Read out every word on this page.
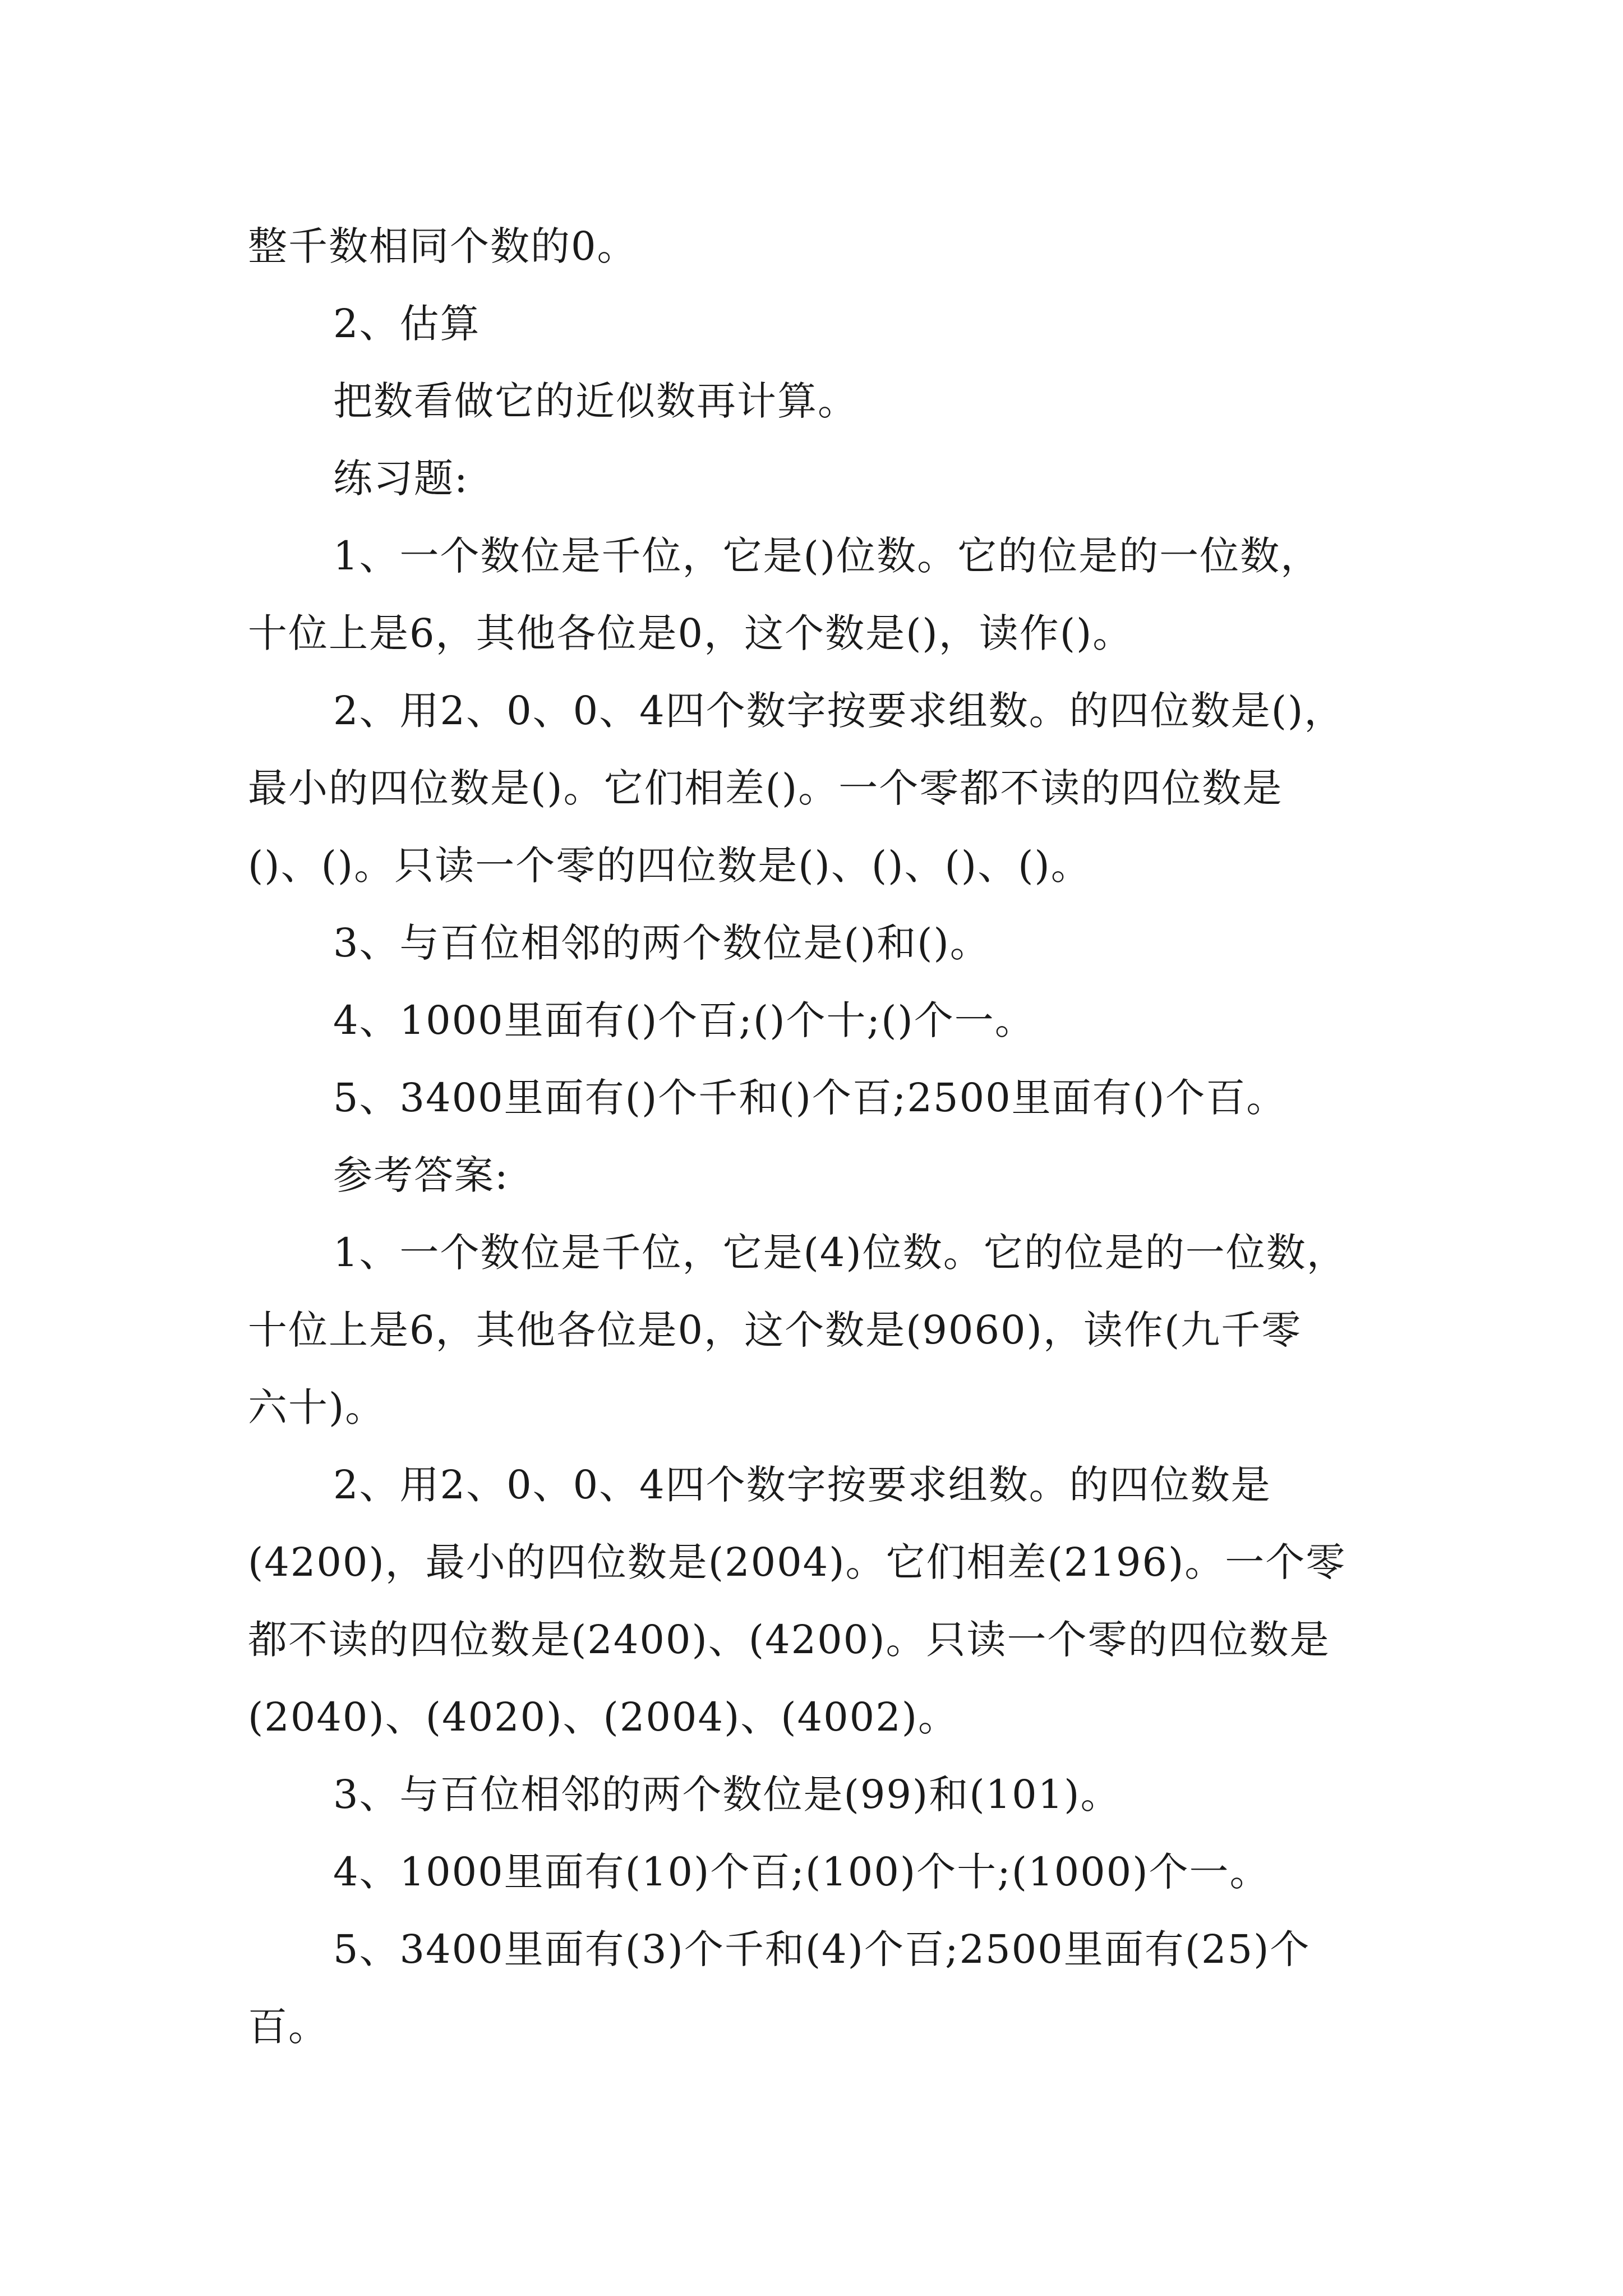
整千数相同个数的0。
2、估算
把数看做它的近似数再计算。
练习题:
1、一个数位是千位，它是()位数。它的位是的一位数，
十位上是6，其他各位是0，这个数是()，读作()。
2、用2、0、0、4四个数字按要求组数。的四位数是()，
最小的四位数是()。它们相差()。一个零都不读的四位数是
()、()。只读一个零的四位数是()、()、()、()。
3、与百位相邻的两个数位是()和()。
4、1000里面有()个百;()个十;()个一。
5、3400里面有()个千和()个百;2500里面有()个百。
参考答案:
1、一个数位是千位，它是(4)位数。它的位是的一位数，
十位上是6，其他各位是0，这个数是(9060)，读作(九千零
六十)。
2、用2、0、0、4四个数字按要求组数。的四位数是
(4200)，最小的四位数是(2004)。它们相差(2196)。一个零
都不读的四位数是(2400)、(4200)。只读一个零的四位数是
(2040)、(4020)、(2004)、(4002)。
3、与百位相邻的两个数位是(99)和(101)。
4、1000里面有(10)个百;(100)个十;(1000)个一。
5、3400里面有(3)个千和(4)个百;2500里面有(25)个
百。
